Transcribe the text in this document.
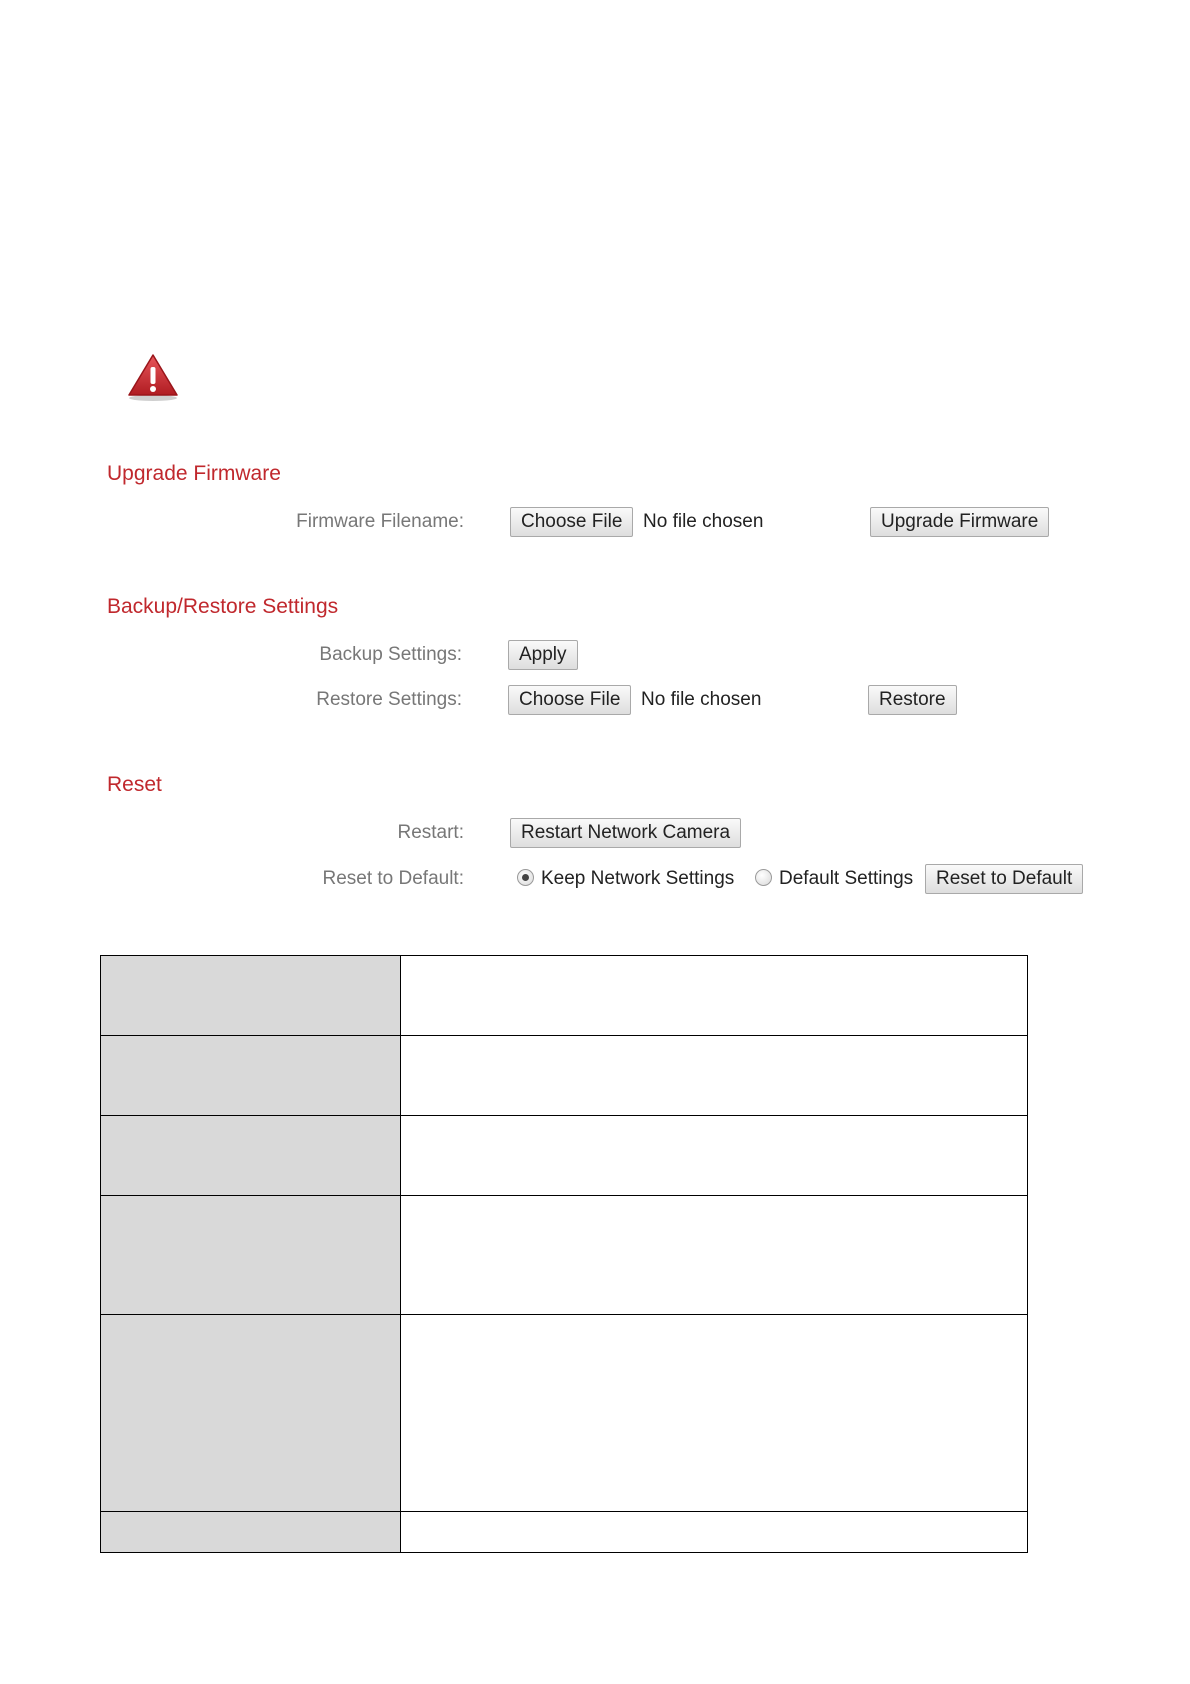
Upgrade Firmware
Firmware Filename:	Choose File	No file chosen	Upgrade Firmware
Backup/Restore Settings
Backup Settings:	Apply
Restore Settings:	Choose File	No file chosen	Restore
Reset
Restart:	Restart Network Camera
Reset to Default:	Keep Network Settings Default Settings	Reset to Default
